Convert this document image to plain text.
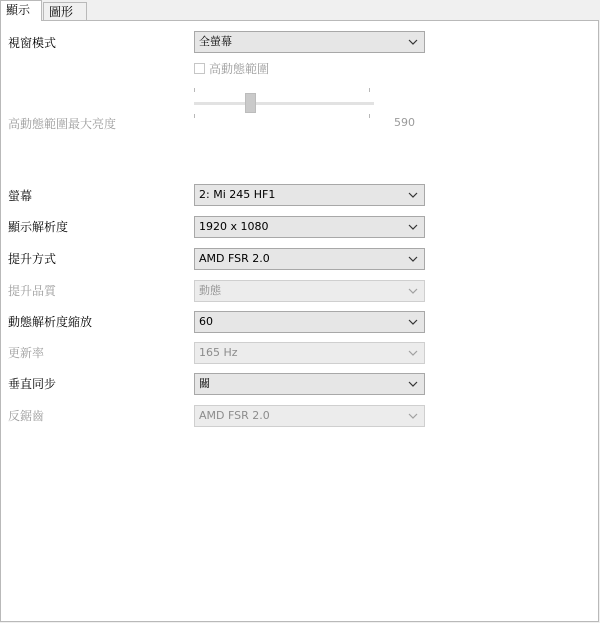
顯示	圖形
視窗模式	全螢幕
高動態範圍
高動態範圍最大亮度	590
螢幕	2: Mi 245 HF1
顯示解析度	1920 x 1080
提升方式	AMD FSR 2.0
提升品質	動態
動態解析度縮放	60
更新率	165 Hz
垂直同步	關
反鋸齒	AMD FSR 2.0
